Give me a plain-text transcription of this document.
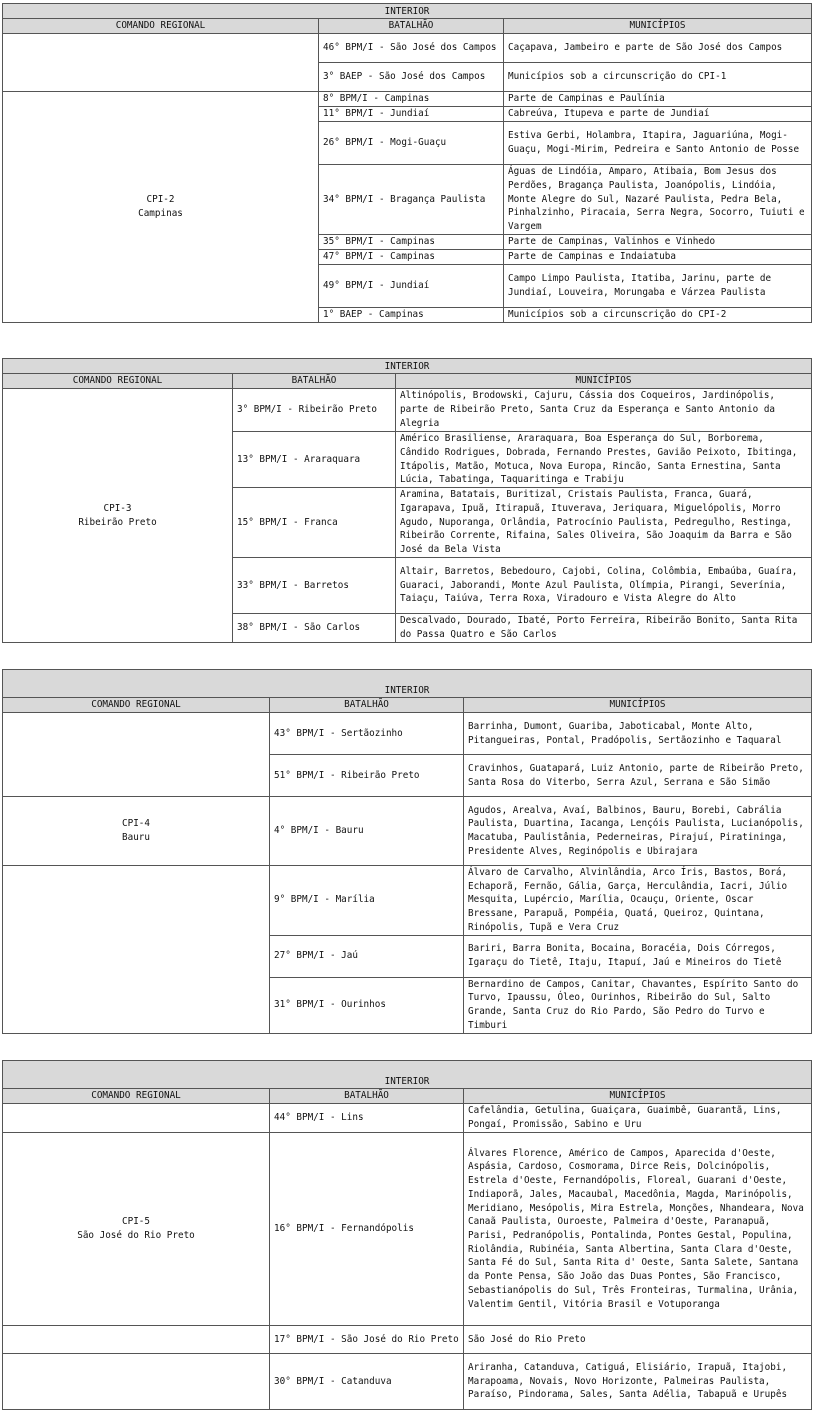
INTERIOR		
COMANDO REGIONAL	BATALHÃO	MUNICÍPIOS

	46° BPM/I - São José dos Campos	Caçapava, Jambeiro e parte de São José dos Campos
	3° BAEP - São José dos Campos	Municípios sob a circunscrição do CPI-1
CPI-2
Campinas	8° BPM/I - Campinas	Parte de Campinas e Paulínia
	11° BPM/I - Jundiaí	Cabreúva, Itupeva e parte de Jundiaí
	26° BPM/I - Mogi-Guaçu	Estiva Gerbi, Holambra, Itapira, Jaguariúna, Mogi-Guaçu, Mogi-Mirim, Pedreira e Santo Antonio de Posse
	34° BPM/I - Bragança Paulista	Águas de Lindóia, Amparo, Atibaia, Bom Jesus dos Perdões, Bragança Paulista, Joanópolis, Lindóia, Monte Alegre do Sul, Nazaré Paulista, Pedra Bela, Pinhalzinho, Piracaia, Serra Negra, Socorro, Tuiuti e Vargem
	35° BPM/I - Campinas	Parte de Campinas, Valinhos e Vinhedo
	47° BPM/I - Campinas	Parte de Campinas e Indaiatuba
	49° BPM/I - Jundiaí	Campo Limpo Paulista, Itatiba, Jarinu, parte de Jundiaí, Louveira, Morungaba e Várzea Paulista
	1° BAEP - Campinas	Municípios sob a circunscrição do CPI-2
INTERIOR		
COMANDO REGIONAL	BATALHÃO	MUNICÍPIOS
CPI-3
Ribeirão Preto	3° BPM/I - Ribeirão Preto	Altinópolis, Brodowski, Cajuru, Cássia dos Coqueiros, Jardinópolis, parte de Ribeirão Preto, Santa Cruz da Esperança e Santo Antonio da Alegria
	13° BPM/I - Araraquara	Américo Brasiliense, Araraquara, Boa Esperança do Sul, Borborema, Cândido Rodrigues, Dobrada, Fernando Prestes, Gavião Peixoto, Ibitinga, Itápolis, Matão, Motuca, Nova Europa, Rincão, Santa Ernestina, Santa Lúcia, Tabatinga, Taquaritinga e Trabiju
	15° BPM/I - Franca	Aramina, Batatais, Buritizal, Cristais Paulista, Franca, Guará, Igarapava, Ipuã, Itirapuã, Ituverava, Jeriquara, Miguelópolis, Morro Agudo, Nuporanga, Orlândia, Patrocínio Paulista, Pedregulho, Restinga, Ribeirão Corrente, Rifaina, Sales Oliveira, São Joaquim da Barra e São José da Bela Vista
	33° BPM/I - Barretos	Altair, Barretos, Bebedouro, Cajobi, Colina, Colômbia, Embaúba, Guaíra, Guaraci, Jaborandi, Monte Azul Paulista, Olímpia, Pirangi, Severínia, Taiaçu, Taiúva, Terra Roxa, Viradouro e Vista Alegre do Alto
	38° BPM/I - São Carlos	Descalvado, Dourado, Ibaté, Porto Ferreira, Ribeirão Bonito, Santa Rita do Passa Quatro e São Carlos
INTERIOR		
COMANDO REGIONAL	BATALHÃO	MUNICÍPIOS

	43° BPM/I - Sertãozinho	Barrinha, Dumont, Guariba, Jaboticabal, Monte Alto, Pitangueiras, Pontal, Pradópolis, Sertãozinho e Taquaral
	51° BPM/I - Ribeirão Preto	Cravinhos, Guatapará, Luiz Antonio, parte de Ribeirão Preto, Santa Rosa do Viterbo, Serra Azul, Serrana e São Simão
CPI-4
Bauru	4° BPM/I - Bauru	Agudos, Arealva, Avaí, Balbinos, Bauru, Borebi, Cabrália Paulista, Duartina, Iacanga, Lençóis Paulista, Lucianópolis, Macatuba, Paulistânia, Pederneiras, Pirajuí, Piratininga, Presidente Alves, Reginópolis e Ubirajara

	9° BPM/I - Marília	Álvaro de Carvalho, Alvinlândia, Arco Íris, Bastos, Borá, Echaporã, Fernão, Gália, Garça, Herculândia, Iacri, Júlio Mesquita, Lupércio, Marília, Ocauçu, Oriente, Oscar Bressane, Parapuã, Pompéia, Quatá, Queiroz, Quintana, Rinópolis, Tupã e Vera Cruz
	27° BPM/I - Jaú	Bariri, Barra Bonita, Bocaina, Boracéia, Dois Córregos, Igaraçu do Tietê, Itaju, Itapuí, Jaú e Mineiros do Tietê
	31° BPM/I - Ourinhos	Bernardino de Campos, Canitar, Chavantes, Espírito Santo do Turvo, Ipaussu, Óleo, Ourinhos, Ribeirão do Sul, Salto Grande, Santa Cruz do Rio Pardo, São Pedro do Turvo e Timburi
INTERIOR		
COMANDO REGIONAL	BATALHÃO	MUNICÍPIOS

	44° BPM/I - Lins	Cafelândia, Getulina, Guaiçara, Guaimbê, Guarantã, Lins, Pongaí, Promissão, Sabino e Uru
CPI-5
São José do Rio Preto	16° BPM/I - Fernandópolis	Álvares Florence, Américo de Campos, Aparecida d'Oeste, Aspásia, Cardoso, Cosmorama, Dirce Reis, Dolcinópolis, Estrela d'Oeste, Fernandópolis, Floreal, Guarani d'Oeste, Indiaporã, Jales, Macaubal, Macedônia, Magda, Marinópolis, Meridiano, Mesópolis, Mira Estrela, Monções, Nhandeara, Nova Canaã Paulista, Ouroeste, Palmeira d'Oeste, Paranapuã, Parisi, Pedranópolis, Pontalinda, Pontes Gestal, Populina, Riolândia, Rubinéia, Santa Albertina, Santa Clara d'Oeste, Santa Fé do Sul, Santa Rita d' Oeste, Santa Salete, Santana da Ponte Pensa, São João das Duas Pontes, São Francisco, Sebastianópolis do Sul, Três Fronteiras, Turmalina, Urânia, Valentim Gentil, Vitória Brasil e Votuporanga

	17° BPM/I - São José do Rio Preto	São José do Rio Preto

	30° BPM/I - Catanduva	Ariranha, Catanduva, Catiguá, Elisiário, Irapuã, Itajobi, Marapoama, Novais, Novo Horizonte, Palmeiras Paulista, Paraíso, Pindorama, Sales, Santa Adélia, Tabapuã e Urupês
